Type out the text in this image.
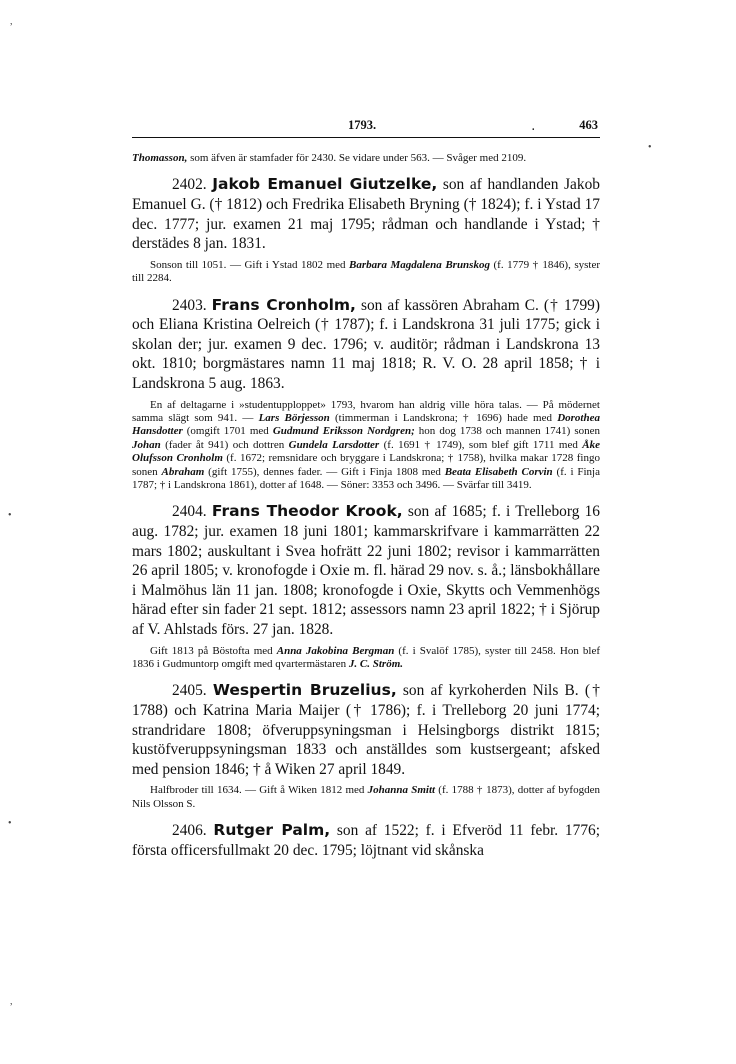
,
•
•
•
,
1793.	.	463

Thomasson, som äfven är stamfader för 2430. Se vidare under 563. — Svåger med 2109.

2402. Jakob Emanuel Giutzelke, son af handlanden Jakob Emanuel G. († 1812) och Fredrika Elisabeth Bryning († 1824); f. i Ystad 17 dec. 1777; jur. examen 21 maj 1795; rådman och handlande i Ystad; † derstädes 8 jan. 1831.

Sonson till 1051. — Gift i Ystad 1802 med Barbara Magdalena Brunskog (f. 1779 † 1846), syster till 2284.

2403. Frans Cronholm, son af kassören Abraham C. († 1799) och Eliana Kristina Oelreich († 1787); f. i Landskrona 31 juli 1775; gick i skolan der; jur. examen 9 dec. 1796; v. auditör; rådman i Landskrona 13 okt. 1810; borgmästares namn 11 maj 1818; R. V. O. 28 april 1858; † i Landskrona 5 aug. 1863.

En af deltagarne i »studentupploppet» 1793, hvarom han aldrig ville höra talas. — På mödernet samma slägt som 941. — Lars Börjesson (timmerman i Landskrona; † 1696) hade med Dorothea Hansdotter (omgift 1701 med Gudmund Eriksson Nordgren; hon dog 1738 och mannen 1741) sonen Johan (fader åt 941) och dottren Gundela Larsdotter (f. 1691 † 1749), som blef gift 1711 med Åke Olufsson Cronholm (f. 1672; remsnidare och bryggare i Landskrona; † 1758), hvilka makar 1728 fingo sonen Abraham (gift 1755), dennes fader. — Gift i Finja 1808 med Beata Elisabeth Corvin (f. i Finja 1787; † i Landskrona 1861), dotter af 1648. — Söner: 3353 och 3496. — Svärfar till 3419.

2404. Frans Theodor Krook, son af 1685; f. i Trelleborg 16 aug. 1782; jur. examen 18 juni 1801; kammarskrifvare i kammarrätten 22 mars 1802; auskultant i Svea hofrätt 22 juni 1802; revisor i kammarrätten 26 april 1805; v. kronofogde i Oxie m. fl. härad 29 nov. s. å.; länsbokhållare i Malmöhus län 11 jan. 1808; kronofogde i Oxie, Skytts och Vemmenhögs härad efter sin fader 21 sept. 1812; assessors namn 23 april 1822; † i Sjörup af V. Ahlstads förs. 27 jan. 1828.

Gift 1813 på Böstofta med Anna Jakobina Bergman (f. i Svalöf 1785), syster till 2458. Hon blef 1836 i Gudmuntorp omgift med qvartermästaren J. C. Ström.

2405. Wespertin Bruzelius, son af kyrkoherden Nils B. († 1788) och Katrina Maria Maijer († 1786); f. i Trelleborg 20 juni 1774; strandridare 1808; öfveruppsyningsman i Helsingborgs distrikt 1815; kustöfveruppsyningsman 1833 och anställdes som kustsergeant; afsked med pension 1846; † å Wiken 27 april 1849.

Halfbroder till 1634. — Gift å Wiken 1812 med Johanna Smitt (f. 1788 † 1873), dotter af byfogden Nils Olsson S.

2406. Rutger Palm, son af 1522; f. i Efveröd 11 febr. 1776; första officersfullmakt 20 dec. 1795; löjtnant vid skånska
